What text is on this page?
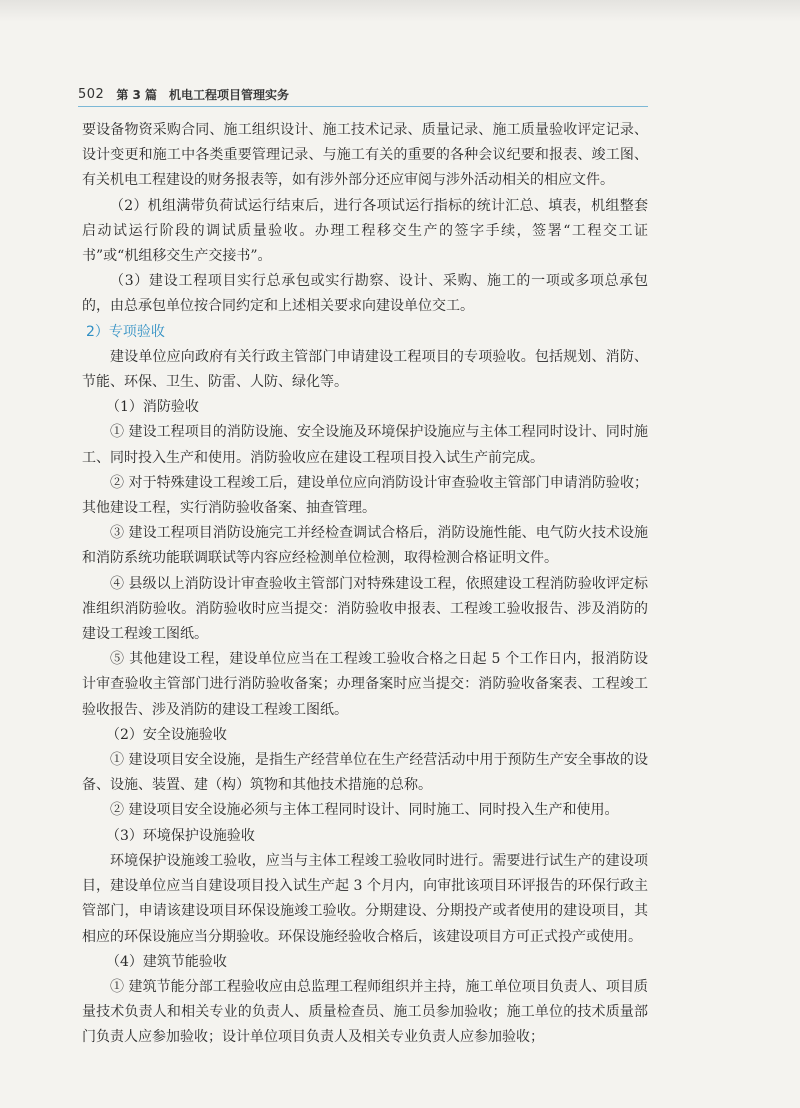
502 第 3 篇 机电工程项目管理实务

要设备物资采购合同、施工组织设计、施工技术记录、质量记录、施工质量验收评定记录、设计变更和施工中各类重要管理记录、与施工有关的重要的各种会议纪要和报表、竣工图、有关机电工程建设的财务报表等，如有涉外部分还应审阅与涉外活动相关的相应文件。

（2）机组满带负荷试运行结束后，进行各项试运行指标的统计汇总、填表，机组整套启动试运行阶段的调试质量验收。办理工程移交生产的签字手续，签署“工程交工证书”或“机组移交生产交接书”。

（3）建设工程项目实行总承包或实行勘察、设计、采购、施工的一项或多项总承包的，由总承包单位按合同约定和上述相关要求向建设单位交工。

2）专项验收

建设单位应向政府有关行政主管部门申请建设工程项目的专项验收。包括规划、消防、节能、环保、卫生、防雷、人防、绿化等。

（1）消防验收

① 建设工程项目的消防设施、安全设施及环境保护设施应与主体工程同时设计、同时施工、同时投入生产和使用。消防验收应在建设工程项目投入试生产前完成。

② 对于特殊建设工程竣工后，建设单位应向消防设计审查验收主管部门申请消防验收；其他建设工程，实行消防验收备案、抽查管理。

③ 建设工程项目消防设施完工并经检查调试合格后，消防设施性能、电气防火技术设施和消防系统功能联调联试等内容应经检测单位检测，取得检测合格证明文件。

④ 县级以上消防设计审查验收主管部门对特殊建设工程，依照建设工程消防验收评定标准组织消防验收。消防验收时应当提交：消防验收申报表、工程竣工验收报告、涉及消防的建设工程竣工图纸。

⑤ 其他建设工程，建设单位应当在工程竣工验收合格之日起 5 个工作日内，报消防设计审查验收主管部门进行消防验收备案；办理备案时应当提交：消防验收备案表、工程竣工验收报告、涉及消防的建设工程竣工图纸。

（2）安全设施验收

① 建设项目安全设施，是指生产经营单位在生产经营活动中用于预防生产安全事故的设备、设施、装置、建（构）筑物和其他技术措施的总称。

② 建设项目安全设施必须与主体工程同时设计、同时施工、同时投入生产和使用。

（3）环境保护设施验收

环境保护设施竣工验收，应当与主体工程竣工验收同时进行。需要进行试生产的建设项目，建设单位应当自建设项目投入试生产起 3 个月内，向审批该项目环评报告的环保行政主管部门，申请该建设项目环保设施竣工验收。分期建设、分期投产或者使用的建设项目，其相应的环保设施应当分期验收。环保设施经验收合格后，该建设项目方可正式投产或使用。

（4）建筑节能验收

① 建筑节能分部工程验收应由总监理工程师组织并主持，施工单位项目负责人、项目质量技术负责人和相关专业的负责人、质量检查员、施工员参加验收；施工单位的技术质量部门负责人应参加验收；设计单位项目负责人及相关专业负责人应参加验收；
